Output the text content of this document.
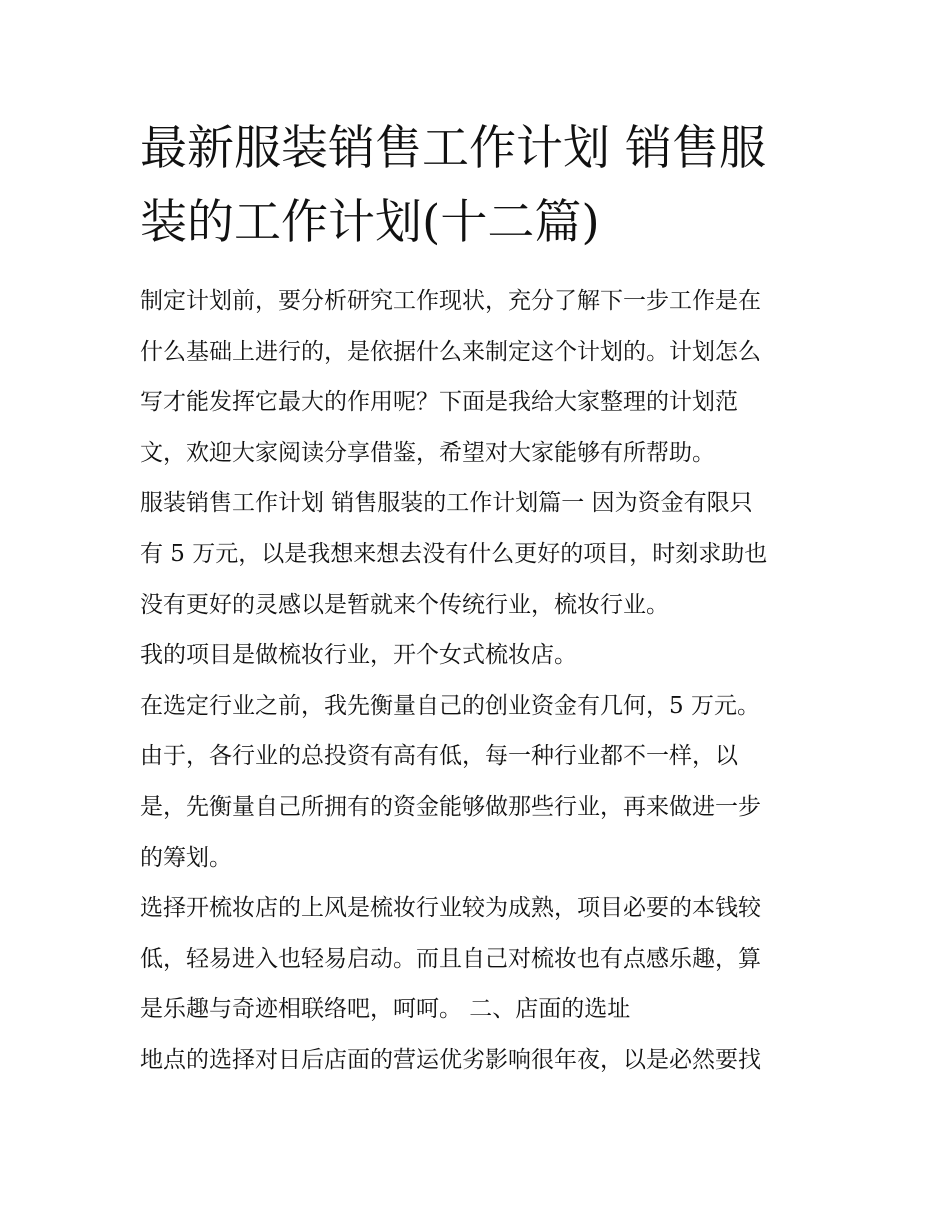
最新服装销售工作计划 销售服
装的工作计划(十二篇)
制定计划前，要分析研究工作现状，充分了解下一步工作是在
什么基础上进行的，是依据什么来制定这个计划的。计划怎么
写才能发挥它最大的作用呢？下面是我给大家整理的计划范
文，欢迎大家阅读分享借鉴，希望对大家能够有所帮助。
服装销售工作计划 销售服装的工作计划篇一 因为资金有限只
有 5 万元，以是我想来想去没有什么更好的项目，时刻求助也
没有更好的灵感以是暂就来个传统行业，梳妆行业。
我的项目是做梳妆行业，开个女式梳妆店。
在选定行业之前，我先衡量自己的创业资金有几何，5 万元。
由于，各行业的总投资有高有低，每一种行业都不一样，以
是，先衡量自己所拥有的资金能够做那些行业，再来做进一步
的筹划。
选择开梳妆店的上风是梳妆行业较为成熟，项目必要的本钱较
低，轻易进入也轻易启动。而且自己对梳妆也有点感乐趣，算
是乐趣与奇迹相联络吧，呵呵。 二、店面的选址
地点的选择对日后店面的营运优劣影响很年夜，以是必然要找
